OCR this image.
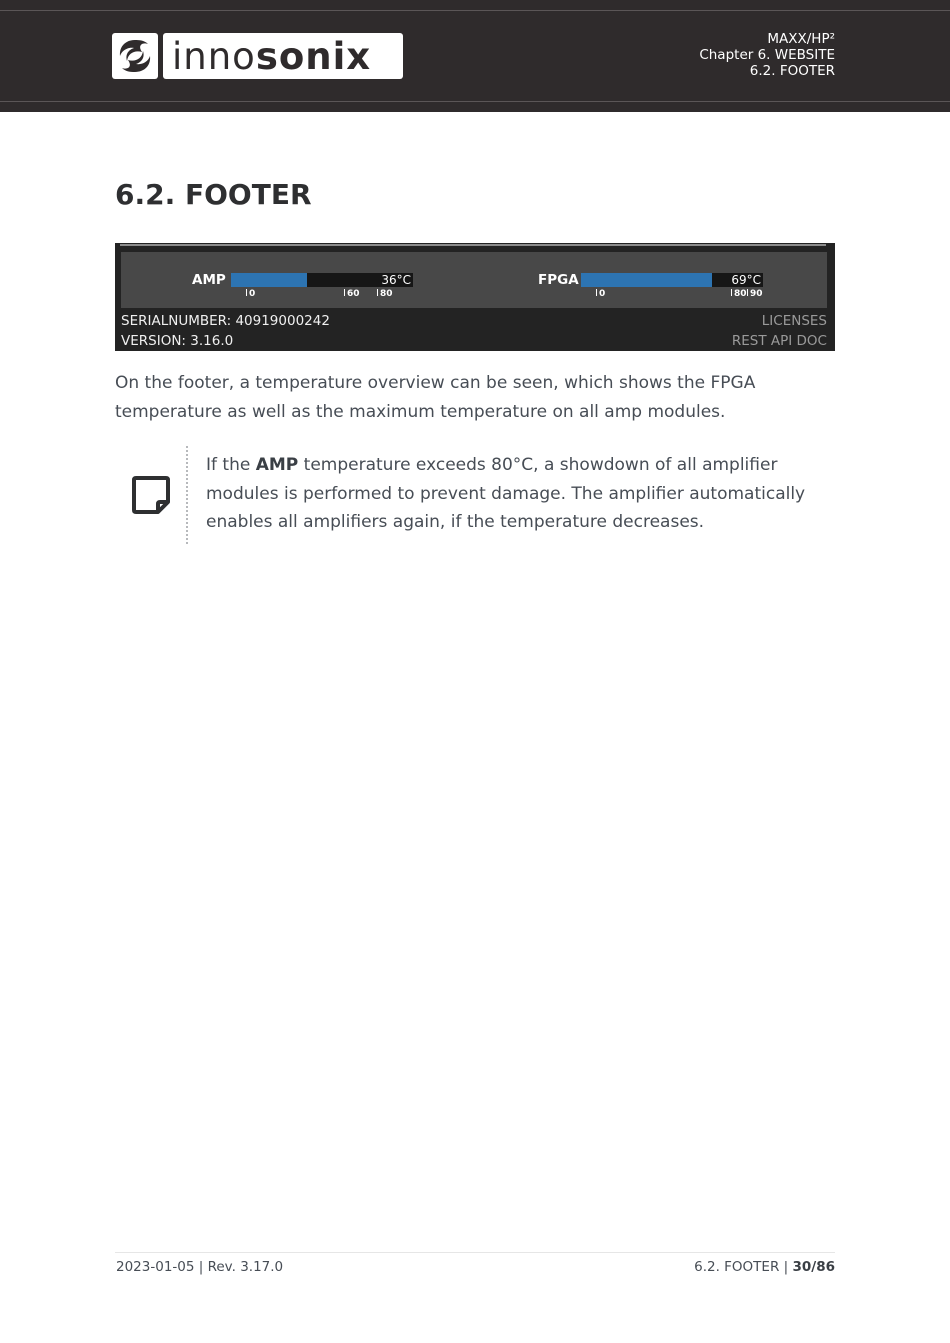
inno sonix	MAXX/HP²
Chapter 6. WEBSITE
6.2. FOOTER
6.2. FOOTER
AMP	36°C
0	60 80
FPGA	69°C
0	80 90
SERIALNUMBER: 40919000242
VERSION: 3.16.0
LICENSES
REST API DOC

On the footer, a temperature overview can be seen, which shows the FPGA temperature as well as the maximum temperature on all amp modules.

If the AMP temperature exceeds 80°C, a showdown of all amplifier modules is performed to prevent damage. The amplifier automatically enables all amplifiers again, if the temperature decreases.
2023-01-05 | Rev. 3.17.0	6.2. FOOTER | 30/86
